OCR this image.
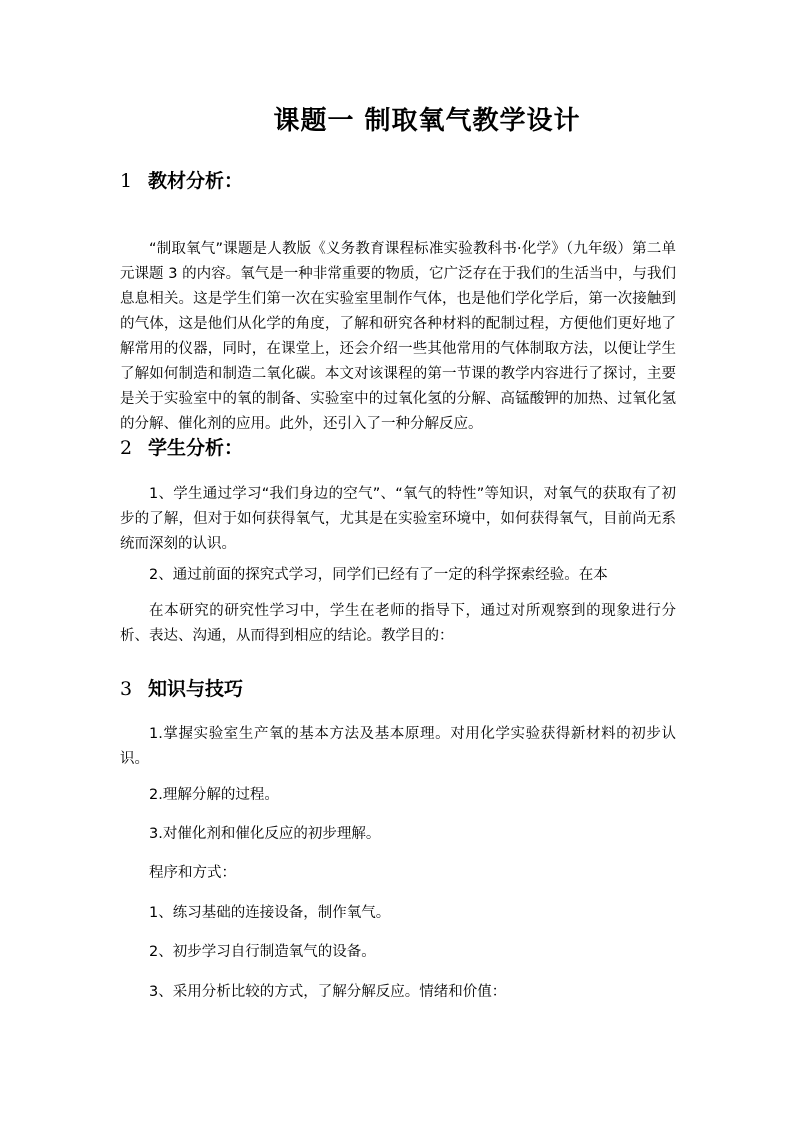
课题一 制取氧气教学设计
1 教材分析：

“制取氧气”课题是人教版《义务教育课程标准实验教科书·化学》（九年级）第二单元课题 3 的内容。氧气是一种非常重要的物质，它广泛存在于我们的生活当中，与我们息息相关。这是学生们第一次在实验室里制作气体，也是他们学化学后，第一次接触到的气体，这是他们从化学的角度，了解和研究各种材料的配制过程，方便他们更好地了解常用的仪器，同时，在课堂上，还会介绍一些其他常用的气体制取方法，以便让学生了解如何制造和制造二氧化碳。本文对该课程的第一节课的教学内容进行了探讨，主要是关于实验室中的氧的制备、实验室中的过氧化氢的分解、高锰酸钾的加热、过氧化氢的分解、催化剂的应用。此外，还引入了一种分解反应。

2 学生分析：

1、学生通过学习“我们身边的空气”、“氧气的特性”等知识，对氧气的获取有了初步的了解，但对于如何获得氧气，尤其是在实验室环境中，如何获得氧气，目前尚无系统而深刻的认识。

2、通过前面的探究式学习，同学们已经有了一定的科学探索经验。在本

在本研究的研究性学习中，学生在老师的指导下，通过对所观察到的现象进行分析、表达、沟通，从而得到相应的结论。教学目的：

3 知识与技巧

1.掌握实验室生产氧的基本方法及基本原理。对用化学实验获得新材料的初步认识。

2.理解分解的过程。

3.对催化剂和催化反应的初步理解。

程序和方式：

1、练习基础的连接设备，制作氧气。

2、初步学习自行制造氧气的设备。

3、采用分析比较的方式，了解分解反应。情绪和价值：
